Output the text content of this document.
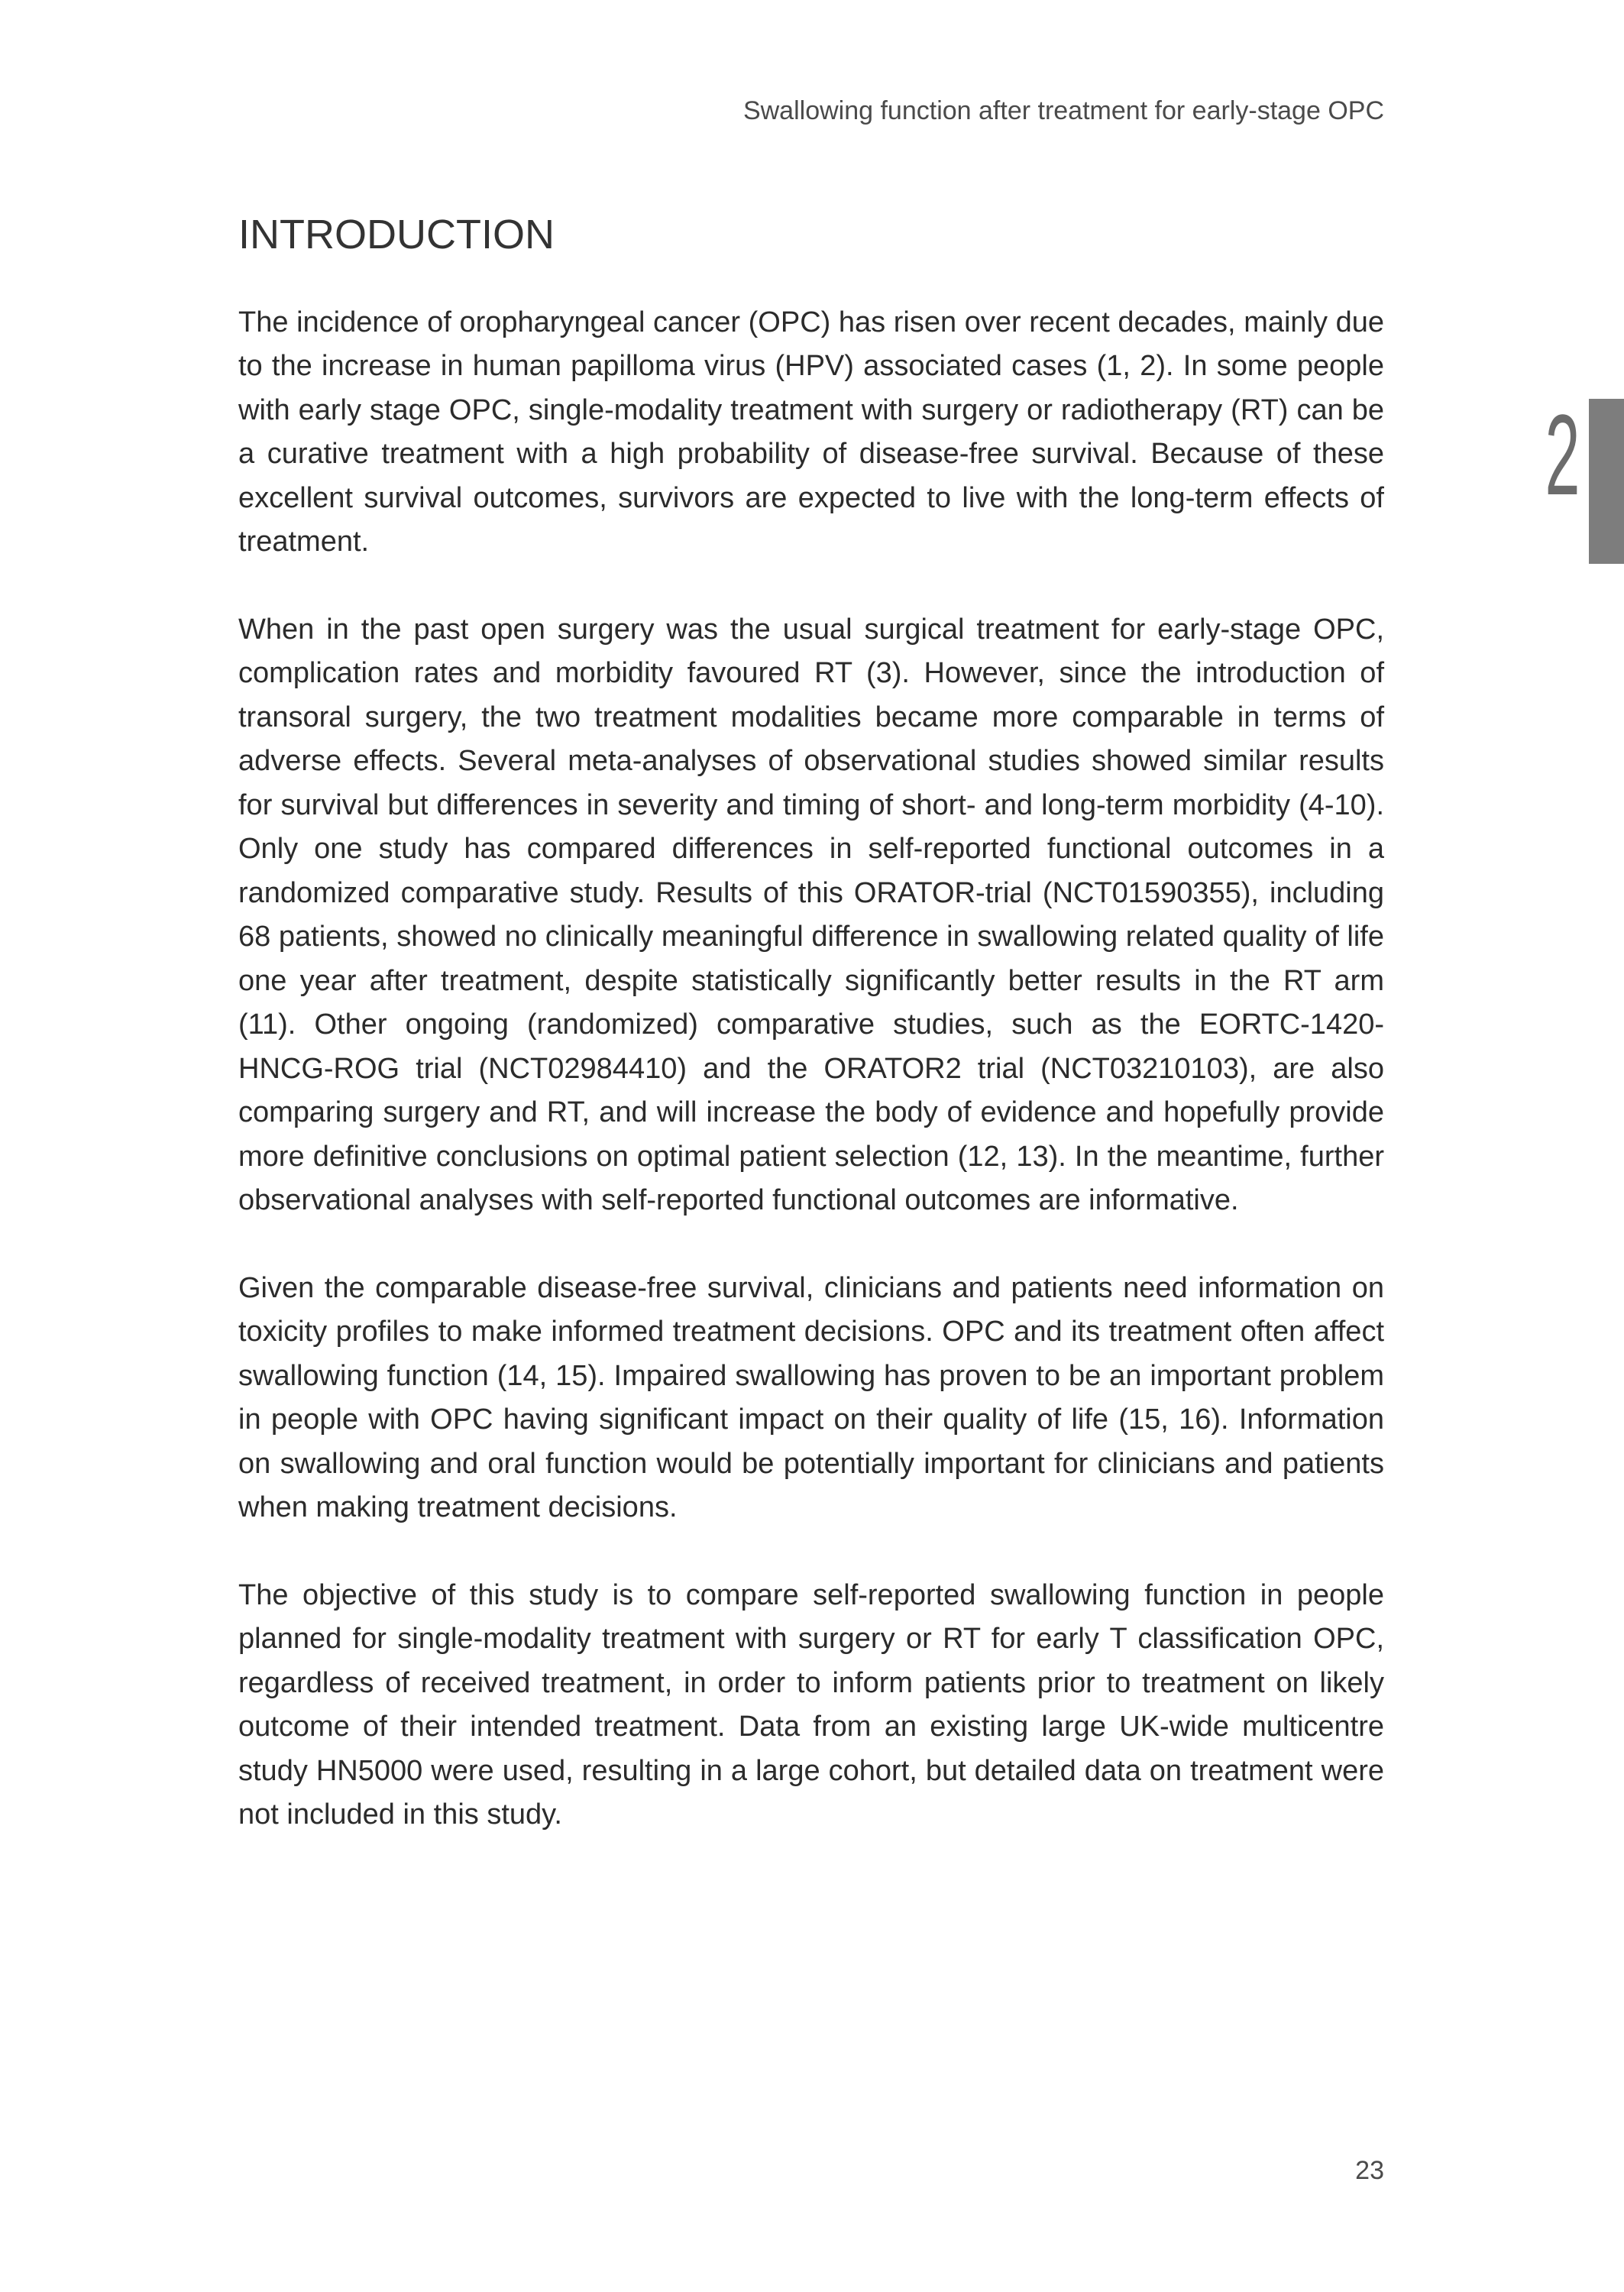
Swallowing function after treatment for early-stage OPC
2
INTRODUCTION

The incidence of oropharyngeal cancer (OPC) has risen over recent decades, mainly due to the increase in human papilloma virus (HPV) associated cases (1, 2). In some people with early stage OPC, single-modality treatment with surgery or radiotherapy (RT) can be a curative treatment with a high probability of disease-free survival. Because of these excellent survival outcomes, survivors are expected to live with the long-term effects of treatment.

When in the past open surgery was the usual surgical treatment for early-stage OPC, complication rates and morbidity favoured RT (3). However, since the introduction of transoral surgery, the two treatment modalities became more comparable in terms of adverse effects. Several meta-analyses of observational studies showed similar results for survival but differences in severity and timing of short- and long-term morbidity (4-10). Only one study has compared differences in self-reported functional outcomes in a randomized comparative study. Results of this ORATOR-trial (NCT01590355), including 68 patients, showed no clinically meaningful difference in swallowing related quality of life one year after treatment, despite statistically significantly better results in the RT arm (11). Other ongoing (randomized) comparative studies, such as the EORTC-1420-HNCG-ROG trial (NCT02984410) and the ORATOR2 trial (NCT03210103), are also comparing surgery and RT, and will increase the body of evidence and hopefully provide more definitive conclusions on optimal patient selection (12, 13). In the meantime, further observational analyses with self-reported functional outcomes are informative.

Given the comparable disease-free survival, clinicians and patients need information on toxicity profiles to make informed treatment decisions. OPC and its treatment often affect swallowing function (14, 15). Impaired swallowing has proven to be an important problem in people with OPC having significant impact on their quality of life (15, 16). Information on swallowing and oral function would be potentially important for clinicians and patients when making treatment decisions.

The objective of this study is to compare self-reported swallowing function in people planned for single-modality treatment with surgery or RT for early T classification OPC, regardless of received treatment, in order to inform patients prior to treatment on likely outcome of their intended treatment. Data from an existing large UK-wide multicentre study HN5000 were used, resulting in a large cohort, but detailed data on treatment were not included in this study.

23
